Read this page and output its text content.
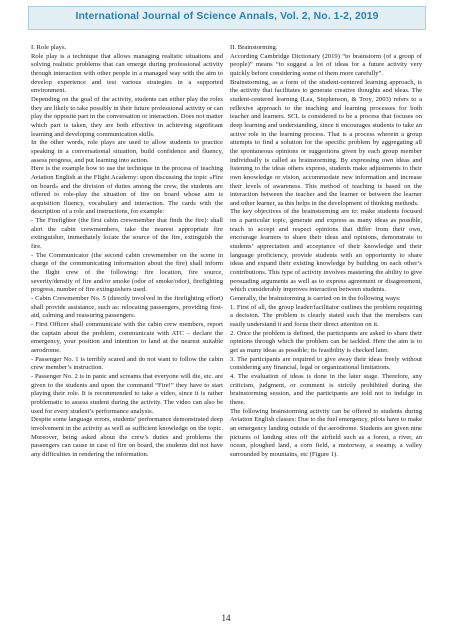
International Journal of Science Annals, Vol. 2, No. 1-2, 2019

I. Role plays.

Role play is a technique that allows managing realistic situations and solving realistic problems that can emerge during professional activity through interaction with other people in a managed way with the aim to develop experience and test various strategies in a supported environment.

Depending on the goal of the activity, students can either play the roles they are likely to take possibly in their future professional activity or can play the opposite part in the conversation or interaction. Does not matter which part is taken, they are both effective in achieving significant learning and developing communication skills.

In the other words, role plays are used to allow students to practice speaking in a conversational situation, build confidence and fluency, assess progress, and put learning into action.

Here is the example how to use the technique in the process of teaching Aviation English at the Flight Academy: upon discussing the topic «Fire on board» and the division of duties among the crew, the students are offered to role-play the situation of fire on board whose aim is acquisition fluency, vocabulary and interaction. The cards with the description of a role and instructions, for example:

- The Firefighter (the first cabin crewmember that finds the fire): shall alert the cabin crewmembers, take the nearest appropriate fire extinguisher, immediately locate the source of the fire, extinguish the fire.

- The Communicator (the second cabin crewmember on the scene in charge of the communicating information about the fire) shall inform the flight crew of the following: fire location, fire source, severity/density of fire and/or smoke (odor of smoke/odor), firefighting progress, number of fire extinguishers used.

- Cabin Crewmember No. 5 (directly involved in the firefighting effort) shall provide assistance, such as: relocating passengers, providing first-aid, calming and reassuring passengers.

- First Officer shall communicate with the cabin crew members, report the captain about the problem, communicate with ATC – declare the emergency, your position and intention to land at the nearest suitable aerodrome.

- Passenger No. 1 is terribly scared and do not want to follow the cabin crew member’s instruction.

- Passenger No. 2 is in panic and screams that everyone will die, etc. are given to the students and upon the command “Fire!” they have to start playing their role. It is recommended to take a video, since it is rather problematic to assess student during the activity. The video can also be used for every student’s performance analysis.

Despite some language errors, students’ performance demonstrated deep involvement in the activity as well as sufficient knowledge on the topic. Moreover, being asked about the crew’s duties and problems the passengers can cause in case of fire on board, the students did not have any difficulties in rendering the information.

II. Brainstorming.

According Cambridge Dictionary (2019) “to brainstorm (of a group of people)” means “to suggest a lot of ideas for a future activity very quickly before considering some of them more carefully”.

Brainstorming, as a form of the student-centered learning approach, is the activity that facilitates to generate creative thoughts and ideas. The student-centered learning (Lea, Stephenson, & Troy, 2003) refers to a reflexive approach to the teaching and learning processes for both teacher and learners. SCL is considered to be a process that focuses on deep learning and understanding, since it encourages students to take an active role in the learning process. That is a process wherein a group attempts to find a solution for the specific problem by aggregating all the spontaneous opinions or suggestions given by each group member individually is called as brainstorming. By expressing own ideas and listening to the ideas others express, students make adjustments to their own knowledge or vision, accommodate new information and increase their levels of awareness. This method of teaching is based on the interaction between the teacher and the learner or between the learner and other learner, as this helps in the development of thinking methods.

The key objectives of the brainstorming are to: make students focused on a particular topic, generate and express as many ideas as possible, teach to accept and respect opinions that differ from their own, encourage learners to share their ideas and opinions, demonstrate to students’ appreciation and acceptance of their knowledge and their language proficiency, provide students with an opportunity to share ideas and expand their existing knowledge by building on each other’s contributions. This type of activity involves mastering the ability to give persuading arguments as well as to express agreement or disagreement, which considerably improves interaction between students.

Generally, the brainstorming is carried on in the following ways:

1. First of all, the group leader/facilitator outlines the problem requiring a decision. The problem is clearly stated such that the members can easily understand it and focus their direct attention on it.

2. Once the problem is defined, the participants are asked to share their opinions through which the problem can be tackled. Here the aim is to get as many ideas as possible; its feasibility is checked later.

3. The participants are required to give away their ideas freely without considering any financial, legal or organizational limitations.

4. The evaluation of ideas is done in the later stage. Therefore, any criticism, judgment, or comment is strictly prohibited during the brainstorming session, and the participants are told not to indulge in these.

The following brainstorming activity can be offered to students during Aviation English classes: Due to the fuel emergency, pilots have to make an emergency landing outside of the aerodrome. Students are given nine pictures of landing sites off the airfield such as a forest, a river, an ocean, ploughed land, a corn field, a motorway, a swamp, a valley surrounded by mountains, etc (Figure 1).

14
